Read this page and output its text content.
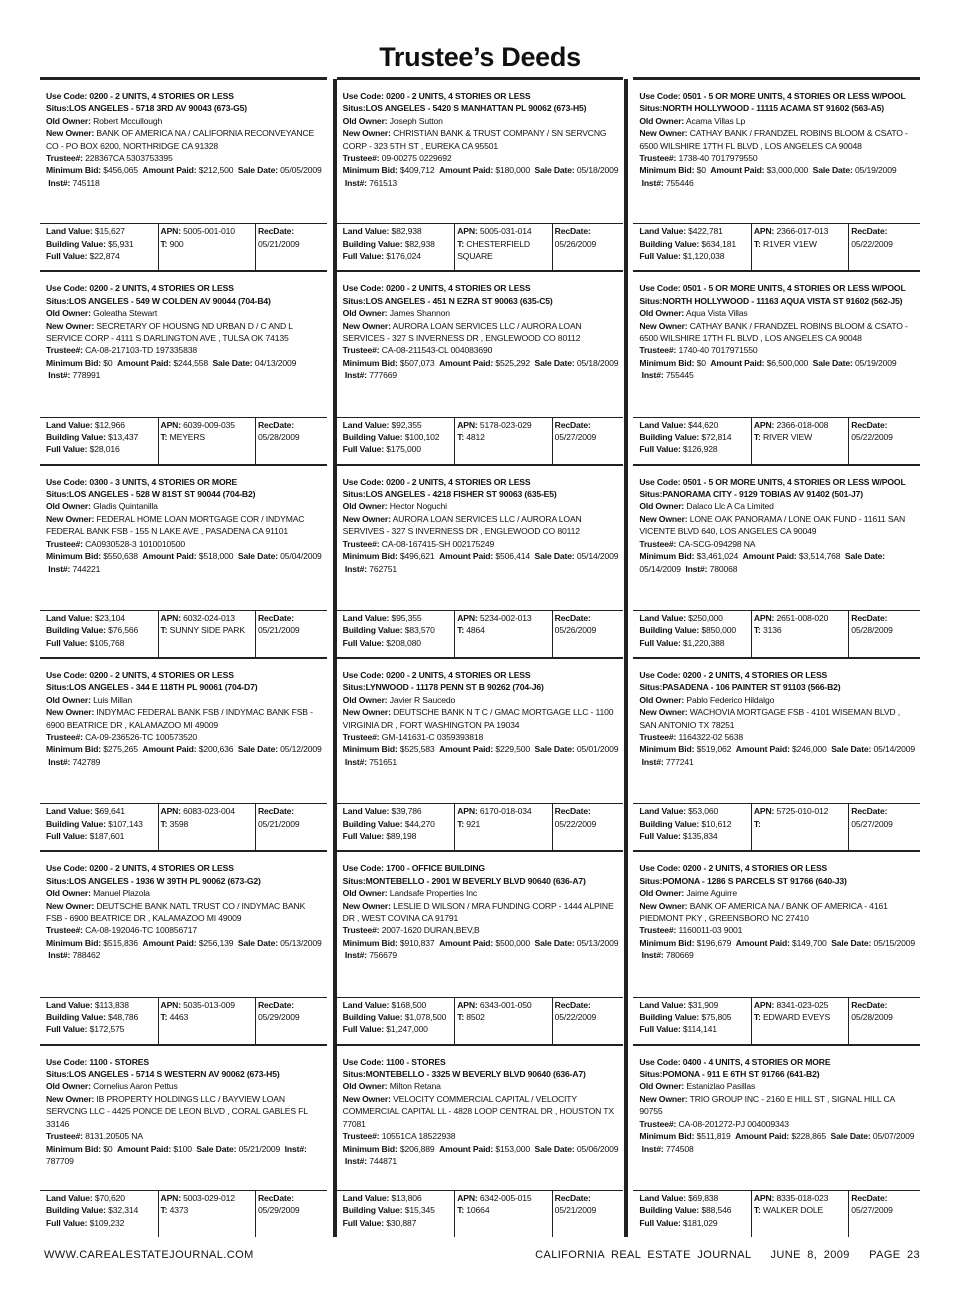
Trustee’s Deeds
Use Code: 0200 - 2 UNITS, 4 STORIES OR LESS
Situs:LOS ANGELES - 5718 3RD AV 90043 (673-G5)
Old Owner: Robert Mccullough
New Owner: BANK OF AMERICA NA / CALIFORNIA RECONVEYANCE CO - PO BOX 6200, NORTHRIDGE CA 91328
Trustee#: 228367CA 5303753395
Minimum Bid: $456,065 Amount Paid: $212,500 Sale Date: 05/05/2009  Inst#: 745118
Land Value: $15,627
Building Value: $5,931
Full Value: $22,874
APN: 5005-001-010
T: 900
RecDate:
05/21/2009
Use Code: 0200 - 2 UNITS, 4 STORIES OR LESS
Situs:LOS ANGELES - 5420 S MANHATTAN PL 90062 (673-H5)
Old Owner: Joseph Sutton
New Owner: CHRISTIAN BANK & TRUST COMPANY / SN SERVCNG CORP - 323 5TH ST , EUREKA CA 95501
Trustee#: 09-00275 0229692
Minimum Bid: $409,712 Amount Paid: $180,000 Sale Date: 05/18/2009  Inst#: 761513
Land Value: $82,938
Building Value: $82,938
Full Value: $176,024
APN: 5005-031-014
T: CHESTERFIELD SQUARE
RecDate:
05/26/2009
Use Code: 0501 - 5 OR MORE UNITS, 4 STORIES OR LESS W/POOL
Situs:NORTH HOLLYWOOD - 11115 ACAMA ST 91602 (563-A5)
Old Owner: Acama Villas Lp
New Owner: CATHAY BANK / FRANDZEL ROBINS BLOOM & CSATO - 6500 WILSHIRE 17TH FL BLVD , LOS ANGELES CA 90048
Trustee#: 1738-40 7017979550
Minimum Bid: $0 Amount Paid: $3,000,000 Sale Date: 05/19/2009  Inst#: 755446
Land Value: $422,781
Building Value: $634,181
Full Value: $1,120,038
APN: 2366-017-013
T: R1VER V1EW
RecDate:
05/22/2009
Use Code: 0200 - 2 UNITS, 4 STORIES OR LESS
Situs:LOS ANGELES - 549 W COLDEN AV 90044 (704-B4)
Old Owner: Goleatha Stewart
New Owner: SECRETARY OF HOUSNG ND URBAN D / C AND L SERVICE CORP - 4111 S DARLINGTON AVE , TULSA OK 74135
Trustee#: CA-08-217103-TD 197335838
Minimum Bid: $0 Amount Paid: $244,558 Sale Date: 04/13/2009  Inst#: 778991
Land Value: $12,966
Building Value: $13,437
Full Value: $28,016
APN: 6039-009-035
T: MEYERS
RecDate:
05/28/2009
Use Code: 0200 - 2 UNITS, 4 STORIES OR LESS
Situs:LOS ANGELES - 451 N EZRA ST 90063 (635-C5)
Old Owner: James Shannon
New Owner: AURORA LOAN SERVICES LLC / AURORA LOAN SERVICES - 327 S INVERNESS DR , ENGLEWOOD CO 80112
Trustee#: CA-08-211543-CL 004083690
Minimum Bid: $507,073 Amount Paid: $525,292 Sale Date: 05/18/2009  Inst#: 777669
Land Value: $92,355
Building Value: $100,102
Full Value: $175,000
APN: 5178-023-029
T: 4812
RecDate:
05/27/2009
Use Code: 0501 - 5 OR MORE UNITS, 4 STORIES OR LESS W/POOL
Situs:NORTH HOLLYWOOD - 11163 AQUA VISTA ST 91602 (562-J5)
Old Owner: Aqua Vista Villas
New Owner: CATHAY BANK / FRANDZEL ROBINS BLOOM & CSATO - 6500 WILSHIRE 17TH FL BLVD , LOS ANGELES CA 90048
Trustee#: 1740-40 7017971550
Minimum Bid: $0 Amount Paid: $6,500,000 Sale Date: 05/19/2009  Inst#: 755445
Land Value: $44,620
Building Value: $72,814
Full Value: $126,928
APN: 2366-018-008
T: RIVER VIEW
RecDate:
05/22/2009
Use Code: 0300 - 3 UNITS, 4 STORIES OR MORE
Situs:LOS ANGELES - 528 W 81ST ST 90044 (704-B2)
Old Owner: Gladis Quintanilla
New Owner: FEDERAL HOME LOAN MORTGAGE COR / INDYMAC FEDERAL BANK FSB - 155 N LAKE AVE , PASADENA CA 91101
Trustee#: CA0930528-3 1010010500
Minimum Bid: $550,638 Amount Paid: $518,000 Sale Date: 05/04/2009  Inst#: 744221
Land Value: $23,104
Building Value: $76,566
Full Value: $105,768
APN: 6032-024-013
T: SUNNY SIDE PARK
RecDate:
05/21/2009
Use Code: 0200 - 2 UNITS, 4 STORIES OR LESS
Situs:LOS ANGELES - 4218 FISHER ST 90063 (635-E5)
Old Owner: Hector Noguchi
New Owner: AURORA LOAN SERVICES LLC / AURORA LOAN SERVIVES - 327 S INVERNESS DR , ENGLEWOOD CO 80112
Trustee#: CA-08-167415-SH 002175249
Minimum Bid: $496,621 Amount Paid: $506,414 Sale Date: 05/14/2009  Inst#: 762751
Land Value: $95,355
Building Value: $83,570
Full Value: $208,080
APN: 5234-002-013
T: 4864
RecDate:
05/26/2009
Use Code: 0501 - 5 OR MORE UNITS, 4 STORIES OR LESS W/POOL
Situs:PANORAMA CITY - 9129 TOBIAS AV 91402 (501-J7)
Old Owner: Dalaco Llc A Ca Limited
New Owner: LONE OAK PANORAMA / LONE OAK FUND - 11611 SAN VICENTE BLVD 640, LOS ANGELES CA 90049
Trustee#: CA-SCG-094298 NA
Minimum Bid: $3,461,024 Amount Paid: $3,514,768 Sale Date: 05/14/2009 Inst#: 780068
Land Value: $250,000
Building Value: $850,000
Full Value: $1,220,388
APN: 2651-008-020
T: 3136
RecDate:
05/28/2009
Use Code: 0200 - 2 UNITS, 4 STORIES OR LESS
Situs:LOS ANGELES - 344 E 118TH PL 90061 (704-D7)
Old Owner: Luis Millan
New Owner: INDYMAC FEDERAL BANK FSB / INDYMAC BANK FSB - 6900 BEATRICE DR , KALAMAZOO MI 49009
Trustee#: CA-09-236526-TC 100573520
Minimum Bid: $275,265 Amount Paid: $200,636 Sale Date: 05/12/2009  Inst#: 742789
Land Value: $69,641
Building Value: $107,143
Full Value: $187,601
APN: 6083-023-004
T: 3598
RecDate:
05/21/2009
Use Code: 0200 - 2 UNITS, 4 STORIES OR LESS
Situs:LYNWOOD - 11178 PENN ST B 90262 (704-J6)
Old Owner: Javier R Saucedo
New Owner: DEUTSCHE BANK N T C / GMAC MORTGAGE LLC - 1100 VIRGINIA DR , FORT WASHINGTON PA 19034
Trustee#: GM-141631-C 0359393818
Minimum Bid: $525,583 Amount Paid: $229,500 Sale Date: 05/01/2009  Inst#: 751651
Land Value: $39,786
Building Value: $44,270
Full Value: $89,198
APN: 6170-018-034
T: 921
RecDate:
05/22/2009
Use Code: 0200 - 2 UNITS, 4 STORIES OR LESS
Situs:PASADENA - 106 PAINTER ST 91103 (566-B2)
Old Owner: Pablo Federico Hildalgo
New Owner: WACHOVIA MORTGAGE FSB - 4101 WISEMAN BLVD , SAN ANTONIO TX 78251
Trustee#: 1164322-02 5638
Minimum Bid: $519,062 Amount Paid: $246,000 Sale Date: 05/14/2009  Inst#: 777241
Land Value: $53,060
Building Value: $10,612
Full Value: $135,834
APN: 5725-010-012
T:
RecDate:
05/27/2009
Use Code: 0200 - 2 UNITS, 4 STORIES OR LESS
Situs:LOS ANGELES - 1936 W 39TH PL 90062 (673-G2)
Old Owner: Manuel Plazola
New Owner: DEUTSCHE BANK NATL TRUST CO / INDYMAC BANK FSB - 6900 BEATRICE DR , KALAMAZOO MI 49009
Trustee#: CA-08-192046-TC 100856717
Minimum Bid: $515,836 Amount Paid: $256,139 Sale Date: 05/13/2009  Inst#: 788462
Land Value: $113,838
Building Value: $48,786
Full Value: $172,575
APN: 5035-013-009
T: 4463
RecDate:
05/29/2009
Use Code: 1700 - OFFICE BUILDING
Situs:MONTEBELLO - 2901 W BEVERLY BLVD 90640 (636-A7)
Old Owner: Landsafe Properties Inc
New Owner: LESLIE D WILSON / MRA FUNDING CORP - 1444 ALPINE DR , WEST COVINA CA 91791
Trustee#: 2007-1620 DURAN,BEV,B
Minimum Bid: $910,837 Amount Paid: $500,000 Sale Date: 05/13/2009  Inst#: 756679
Land Value: $168,500
Building Value: $1,078,500
Full Value: $1,247,000
APN: 6343-001-050
T: 8502
RecDate:
05/22/2009
Use Code: 0200 - 2 UNITS, 4 STORIES OR LESS
Situs:POMONA - 1286 S PARCELS ST 91766 (640-J3)
Old Owner: Jaime Aguirre
New Owner: BANK OF AMERICA NA / BANK OF AMERICA - 4161 PIEDMONT PKY , GREENSBORO NC 27410
Trustee#: 1160011-03 9001
Minimum Bid: $196,679 Amount Paid: $149,700 Sale Date: 05/15/2009  Inst#: 780669
Land Value: $31,909
Building Value: $75,805
Full Value: $114,141
APN: 8341-023-025
T: EDWARD EVEYS
RecDate:
05/28/2009
Use Code: 1100 - STORES
Situs:LOS ANGELES - 5714 S WESTERN AV 90062 (673-H5)
Old Owner: Cornelius Aaron Pettus
New Owner: IB PROPERTY HOLDINGS LLC / BAYVIEW LOAN SERVCNG LLC - 4425 PONCE DE LEON BLVD , CORAL GABLES FL 33146
Trustee#: 8131.20505 NA
Minimum Bid: $0 Amount Paid: $100 Sale Date: 05/21/2009 Inst#: 787709
Land Value: $70,620
Building Value: $32,314
Full Value: $109,232
APN: 5003-029-012
T: 4373
RecDate:
05/29/2009
Use Code: 1100 - STORES
Situs:MONTEBELLO - 3325 W BEVERLY BLVD 90640 (636-A7)
Old Owner: Milton Retana
New Owner: VELOCITY COMMERCIAL CAPITAL / VELOCITY COMMERCIAL CAPITAL LL - 4828 LOOP CENTRAL DR , HOUSTON TX 77081
Trustee#: 10551CA 18522938
Minimum Bid: $206,889 Amount Paid: $153,000 Sale Date: 05/06/2009  Inst#: 744871
Land Value: $13,806
Building Value: $15,345
Full Value: $30,887
APN: 6342-005-015
T: 10664
RecDate:
05/21/2009
Use Code: 0400 - 4 UNITS, 4 STORIES OR MORE
Situs:POMONA - 911 E 6TH ST 91766 (641-B2)
Old Owner: Estanizlao Pasillas
New Owner: TRIO GROUP INC - 2160 E HILL ST , SIGNAL HILL CA 90755
Trustee#: CA-08-201272-PJ 004009343
Minimum Bid: $511,819 Amount Paid: $228,865 Sale Date: 05/07/2009  Inst#: 774508
Land Value: $69,838
Building Value: $88,546
Full Value: $181,029
APN: 8335-018-023
T: WALKER DOLE
RecDate:
05/27/2009
WWW.CAREALESTATEJOURNAL.COM	CALIFORNIA REAL ESTATE JOURNAL JUNE 8, 2009 PAGE 23
